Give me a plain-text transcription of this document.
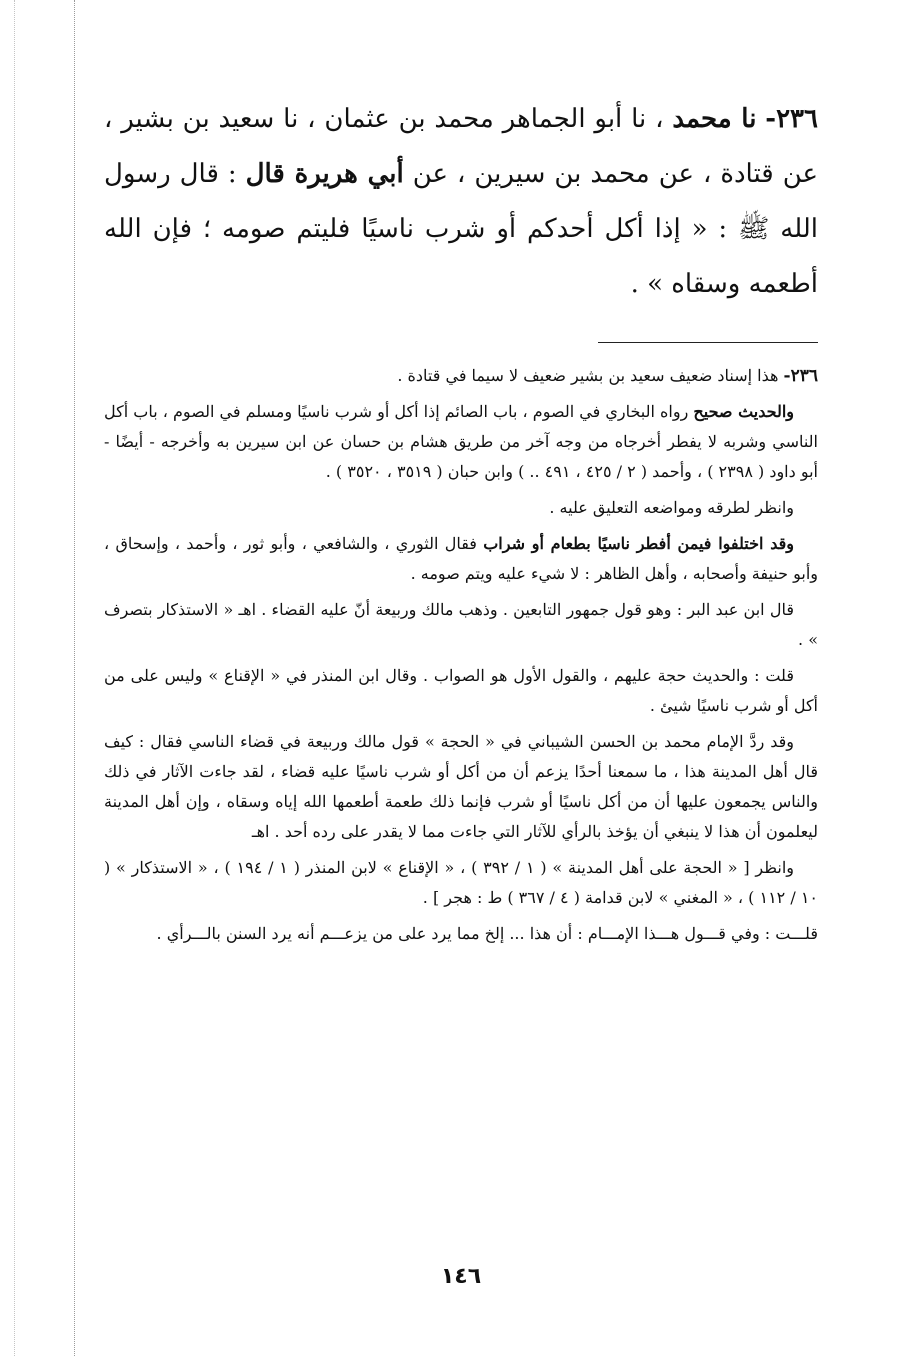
٢٣٦- نا محمد ، نا أبو الجماهر محمد بن عثمان ، نا سعيد بن بشير ، عن قتادة ، عن محمد بن سيرين ، عن أبي هريرة قال : قال رسول الله ﷺ : « إذا أكل أحدكم أو شرب ناسيًا فليتم صومه ؛ فإن الله أطعمه وسقاه » .

٢٣٦- هذا إسناد ضعيف سعيد بن بشير ضعيف لا سيما في قتادة .

والحديث صحيح رواه البخاري في الصوم ، باب الصائم إذا أكل أو شرب ناسيًا ومسلم في الصوم ، باب أكل الناسي وشربه لا يفطر أخرجاه من وجه آخر من طريق هشام بن حسان عن ابن سيرين به وأخرجه - أيضًا - أبو داود ( ٢٣٩٨ ) ، وأحمد ( ٢ / ٤٢٥ ، ٤٩١ .. ) وابن حبان ( ٣٥١٩ ، ٣٥٢٠ ) .

وانظر لطرقه ومواضعه التعليق عليه .

وقد اختلفوا فيمن أفطر ناسيًا بطعام أو شراب فقال الثوري ، والشافعي ، وأبو ثور ، وأحمد ، وإسحاق ، وأبو حنيفة وأصحابه ، وأهل الظاهر : لا شيء عليه ويتم صومه .

قال ابن عبد البر : وهو قول جمهور التابعين . وذهب مالك وربيعة أنّ عليه القضاء . اهـ « الاستذكار بتصرف » .

قلت : والحديث حجة عليهم ، والقول الأول هو الصواب . وقال ابن المنذر في « الإقناع » وليس على من أكل أو شرب ناسيًا شيئ .

وقد ردَّ الإمام محمد بن الحسن الشيباني في « الحجة » قول مالك وربيعة في قضاء الناسي فقال : كيف قال أهل المدينة هذا ، ما سمعنا أحدًا يزعم أن من أكل أو شرب ناسيًا عليه قضاء ، لقد جاءت الآثار في ذلك والناس يجمعون عليها أن من أكل ناسيًا أو شرب فإنما ذلك طعمة أطعمها الله إياه وسقاه ، وإن أهل المدينة ليعلمون أن هذا لا ينبغي أن يؤخذ بالرأي للآثار التي جاءت مما لا يقدر على رده أحد . اهـ

وانظر [ « الحجة على أهل المدينة » ( ١ / ٣٩٢ ) ، « الإقناع » لابن المنذر ( ١ / ١٩٤ ) ، « الاستذكار » ( ١٠ / ١١٢ ) ، « المغني » لابن قدامة ( ٤ / ٣٦٧ ) ط : هجر ] .

قلـــت : وفي قـــول هـــذا الإمـــام : أن هذا ... إلخ مما يرد على من يزعـــم أنه يرد السنن بالـــرأي .

١٤٦
